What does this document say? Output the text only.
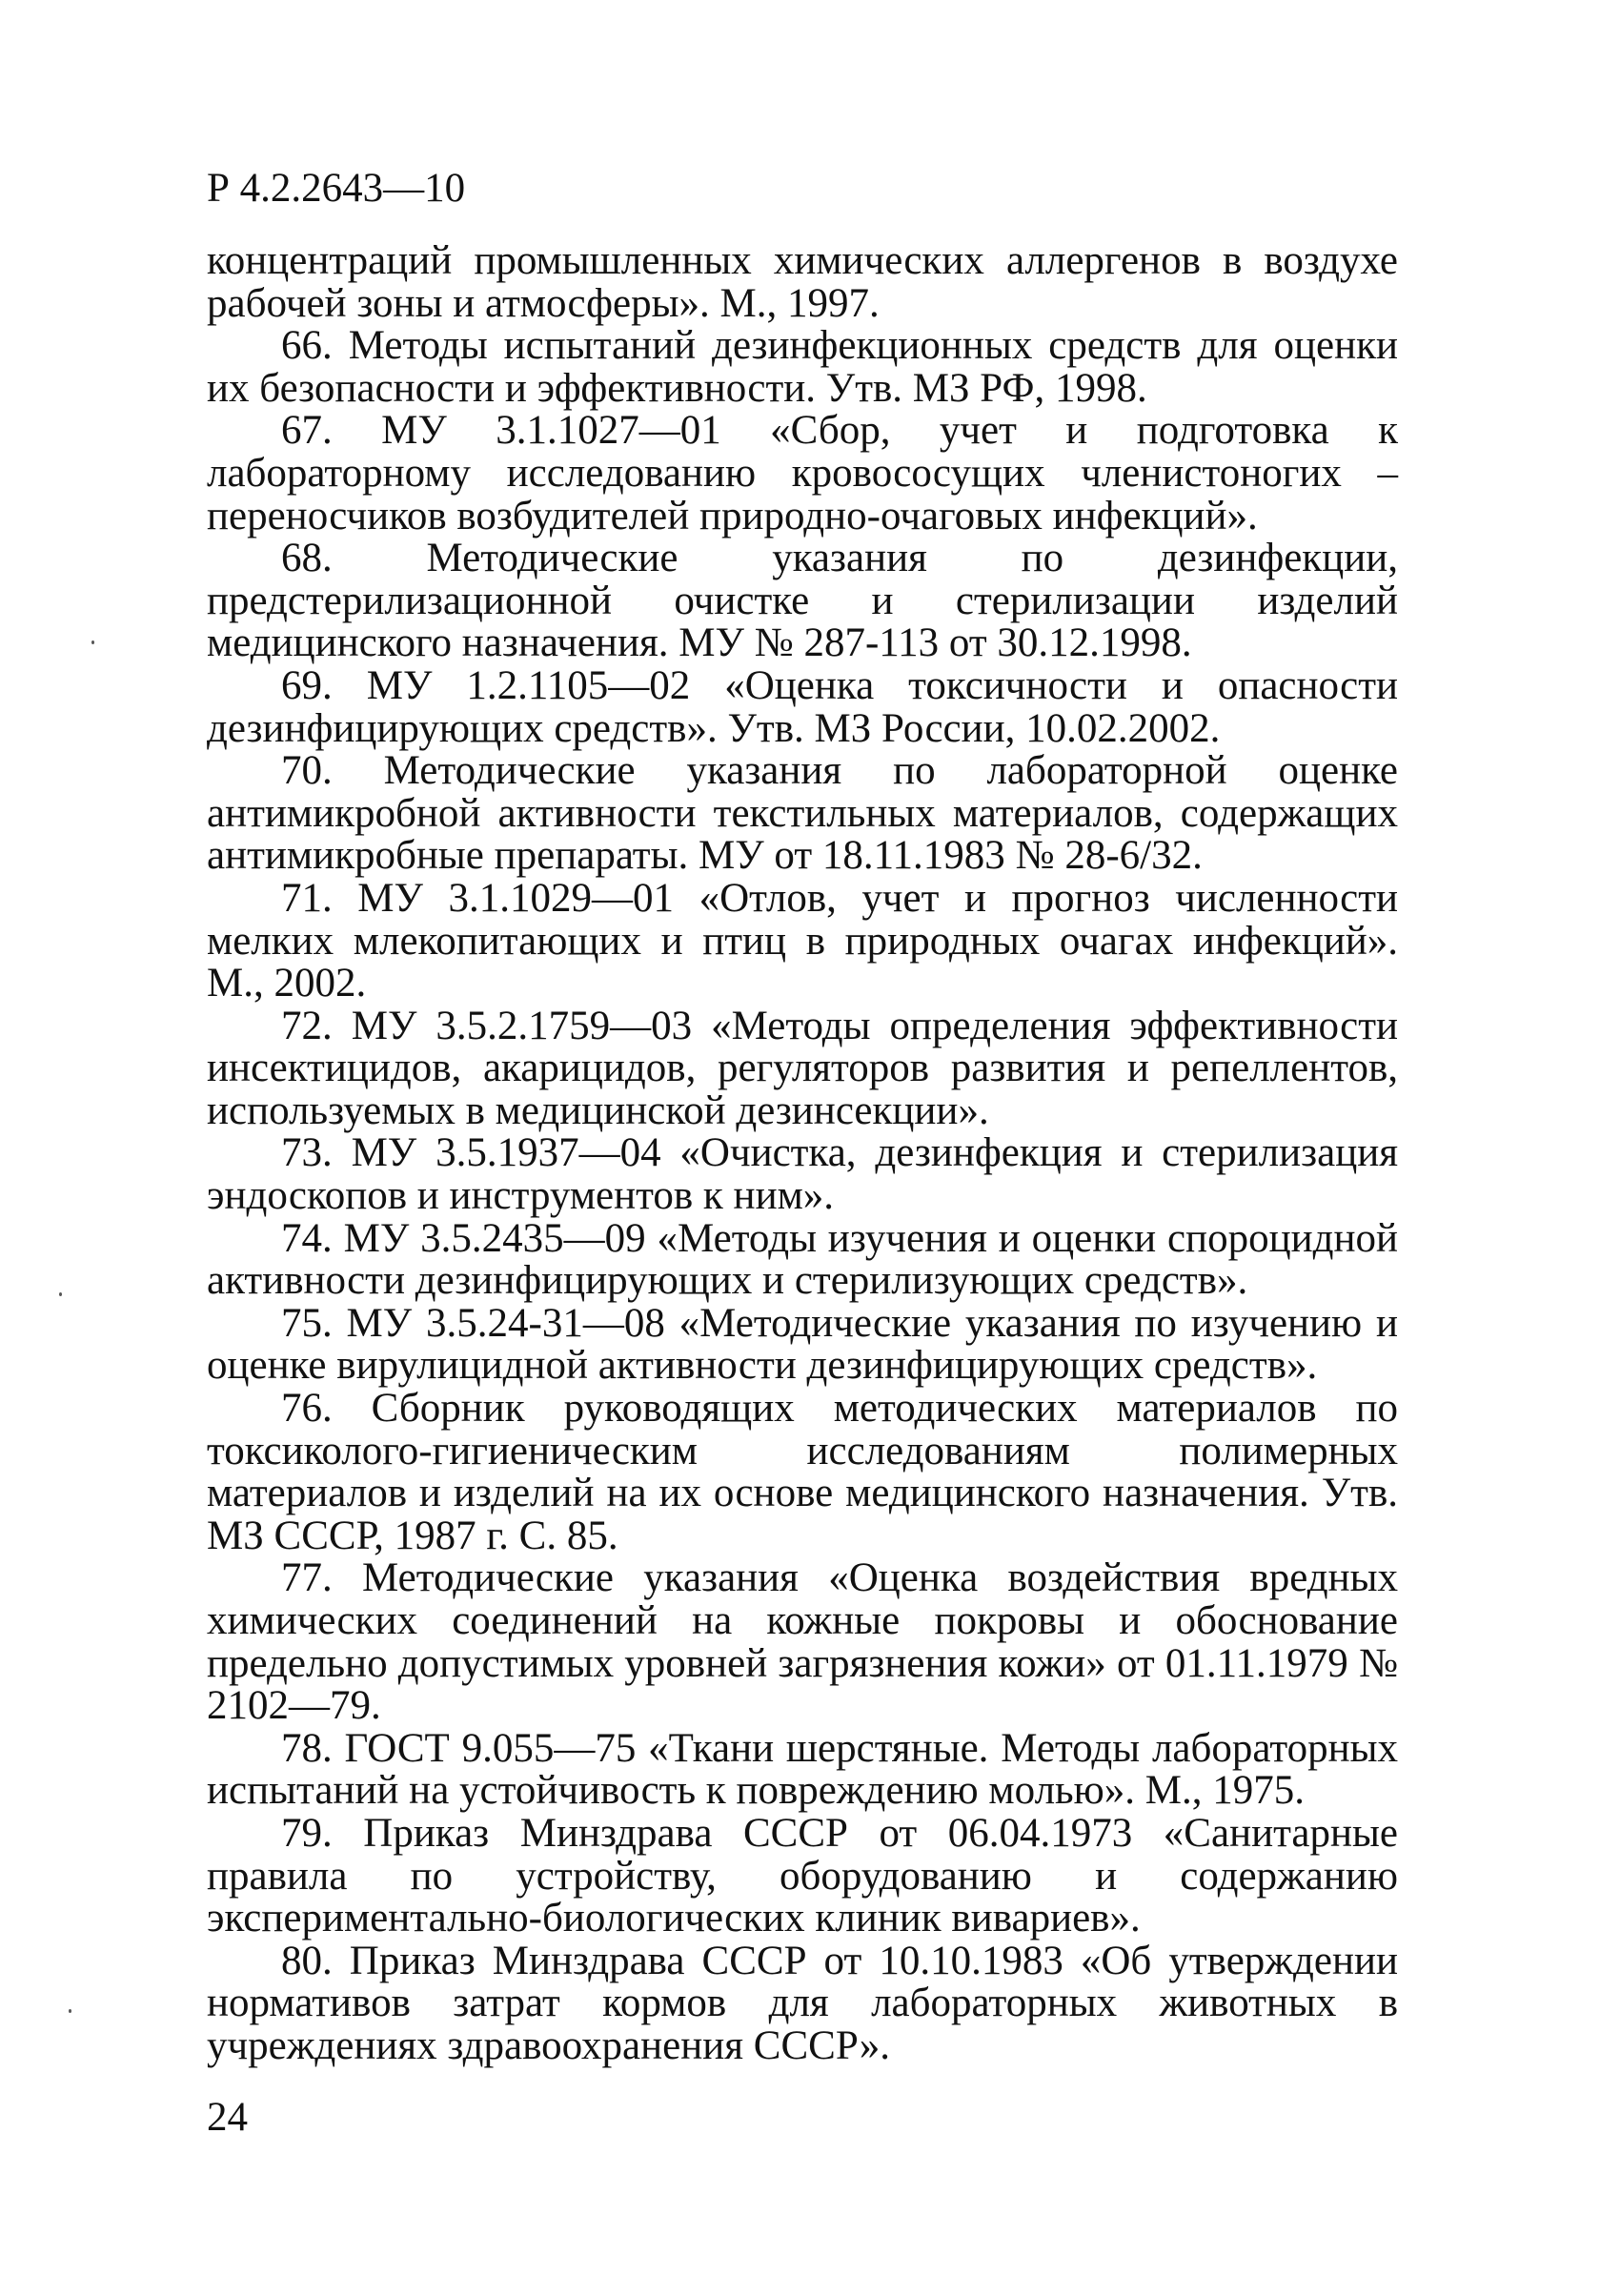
Р 4.2.2643—10

концентраций промышленных химических аллергенов в воздухе рабочей зоны и атмосферы». М., 1997.

66. Методы испытаний дезинфекционных средств для оценки их безопасности и эффективности. Утв. МЗ РФ, 1998.

67. МУ 3.1.1027—01 «Сбор, учет и подготовка к лабораторному исследованию кровососущих членистоногих – переносчиков возбудителей природно-очаговых инфекций».

68. Методические указания по дезинфекции, предстерилизационной очистке и стерилизации изделий медицинского назначения. МУ № 287-113 от 30.12.1998.

69. МУ 1.2.1105—02 «Оценка токсичности и опасности дезинфицирующих средств». Утв. МЗ России, 10.02.2002.

70. Методические указания по лабораторной оценке антимикробной активности текстильных материалов, содержащих антимикробные препараты. МУ от 18.11.1983 № 28-6/32.

71. МУ 3.1.1029—01 «Отлов, учет и прогноз численности мелких млекопитающих и птиц в природных очагах инфекций». М., 2002.

72. МУ 3.5.2.1759—03 «Методы определения эффективности инсектицидов, акарицидов, регуляторов развития и репеллентов, используемых в медицинской дезинсекции».

73. МУ 3.5.1937—04 «Очистка, дезинфекция и стерилизация эндоскопов и инструментов к ним».

74. МУ 3.5.2435—09 «Методы изучения и оценки спороцидной активности дезинфицирующих и стерилизующих средств».

75. МУ 3.5.24-31—08 «Методические указания по изучению и оценке вирулицидной активности дезинфицирующих средств».

76. Сборник руководящих методических материалов по токсиколого-гигиеническим исследованиям полимерных материалов и изделий на их основе медицинского назначения. Утв. МЗ СССР, 1987 г. С. 85.

77. Методические указания «Оценка воздействия вредных химических соединений на кожные покровы и обоснование предельно допустимых уровней загрязнения кожи» от 01.11.1979 № 2102—79.

78. ГОСТ 9.055—75 «Ткани шерстяные. Методы лабораторных испытаний на устойчивость к повреждению молью». М., 1975.

79. Приказ Минздрава СССР от 06.04.1973 «Санитарные правила по устройству, оборудованию и содержанию экспериментально-биологических клиник вивариев».

80. Приказ Минздрава СССР от 10.10.1983 «Об утверждении нормативов затрат кормов для лабораторных животных в учреждениях здравоохранения СССР».

24
